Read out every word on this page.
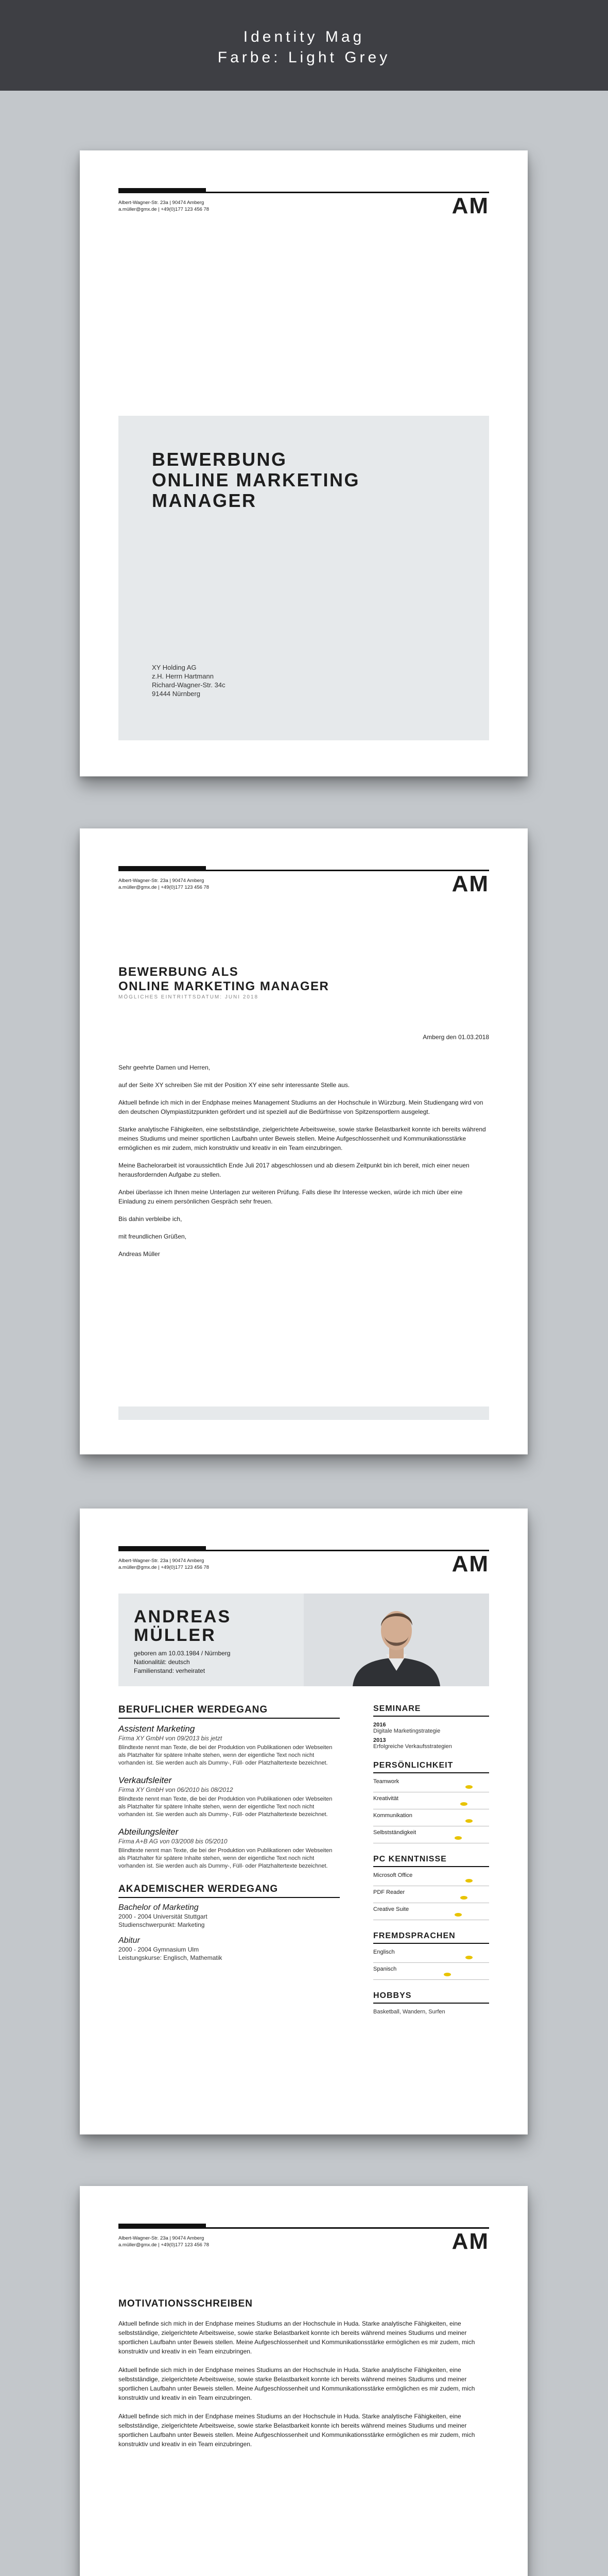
Identity Mag
Farbe: Light Grey
Albert-Wagner-Str. 23a | 90474 Amberg
a.müller@gmx.de | +49(0)177 123 456 78	AM
BEWERBUNG
ONLINE MARKETING
MANAGER
XY Holding AG
z.H. Herrn Hartmann
Richard-Wagner-Str. 34c
91444 Nürnberg
Albert-Wagner-Str. 23a | 90474 Amberg
a.müller@gmx.de | +49(0)177 123 456 78	AM
BEWERBUNG ALS
ONLINE MARKETING MANAGER
MÖGLICHES EINTRITTSDATUM: JUNI 2018
Amberg den 01.03.2018

Sehr geehrte Damen und Herren,

auf der Seite XY schreiben Sie mit der Position XY eine sehr interessante Stelle aus.

Aktuell befinde ich mich in der Endphase meines Management Studiums an der Hochschule in Würzburg. Mein Studiengang wird von den deutschen Olympiastützpunkten gefördert und ist speziell auf die Bedürfnisse von Spitzensportlern ausgelegt.

Starke analytische Fähigkeiten, eine selbstständige, zielgerichtete Arbeitsweise, sowie starke Belastbarkeit konnte ich bereits während meines Studiums und meiner sportlichen Laufbahn unter Beweis stellen. Meine Aufgeschlossenheit und Kommunikationsstärke ermöglichen es mir zudem, mich konstruktiv und kreativ in ein Team einzubringen.

Meine Bachelorarbeit ist voraussichtlich Ende Juli 2017 abgeschlossen und ab diesem Zeitpunkt bin ich bereit, mich einer neuen herausfordernden Aufgabe zu stellen.

Anbei überlasse ich Ihnen meine Unterlagen zur weiteren Prüfung. Falls diese Ihr Interesse wecken, würde ich mich über eine Einladung zu einem persönlichen Gespräch sehr freuen.

Bis dahin verbleibe ich,

mit freundlichen Grüßen,

Andreas Müller

Albert-Wagner-Str. 23a | 90474 Amberg
a.müller@gmx.de | +49(0)177 123 456 78	AM
ANDREAS
MÜLLER
geboren am 10.03.1984 / Nürnberg
Nationalität: deutsch
Familienstand: verheiratet
BERUFLICHER WERDEGANG
Assistent Marketing
Firma XY GmbH von 09/2013 bis jetzt
Blindtexte nennt man Texte, die bei der Produktion von Publikationen oder Webseiten als Platzhalter für spätere Inhalte stehen, wenn der eigentliche Text noch nicht vorhanden ist. Sie werden auch als Dummy-, Füll- oder Platzhaltertexte bezeichnet.
Verkaufsleiter
Firma XY GmbH von 06/2010 bis 08/2012
Blindtexte nennt man Texte, die bei der Produktion von Publikationen oder Webseiten als Platzhalter für spätere Inhalte stehen, wenn der eigentliche Text noch nicht vorhanden ist. Sie werden auch als Dummy-, Füll- oder Platzhaltertexte bezeichnet.
Abteilungsleiter
Firma A+B AG von 03/2008 bis 05/2010
Blindtexte nennt man Texte, die bei der Produktion von Publikationen oder Webseiten als Platzhalter für spätere Inhalte stehen, wenn der eigentliche Text noch nicht vorhanden ist. Sie werden auch als Dummy-, Füll- oder Platzhaltertexte bezeichnet.
AKADEMISCHER WERDEGANG
Bachelor of Marketing
2000 - 2004 Universität Stuttgart
Studienschwerpunkt: Marketing
Abitur
2000 - 2004 Gymnasium Ulm
Leistungskurse: Englisch, Mathematik
SEMINARE
2016
Digitale Marketingstrategie
2013
Erfolgreiche Verkaufsstrategien
PERSÖNLICHKEIT
Teamwork
Kreativität
Kommunikation
Selbstständigkeit
PC KENNTNISSE
Microsoft Office
PDF Reader
Creative Suite
FREMDSPRACHEN
Englisch
Spanisch
HOBBYS
Basketball, Wandern, Surfen
Albert-Wagner-Str. 23a | 90474 Amberg
a.müller@gmx.de | +49(0)177 123 456 78	AM
MOTIVATIONSSCHREIBEN

Aktuell befinde sich mich in der Endphase meines Studiums an der Hochschule in Huda. Starke analytische Fähigkeiten, eine selbstständige, zielgerichtete Arbeitsweise, sowie starke Belastbarkeit konnte ich bereits während meines Studiums und meiner sportlichen Laufbahn unter Beweis stellen. Meine Aufgeschlossenheit und Kommunikationsstärke ermöglichen es mir zudem, mich konstruktiv und kreativ in ein Team einzubringen.

Aktuell befinde sich mich in der Endphase meines Studiums an der Hochschule in Huda. Starke analytische Fähigkeiten, eine selbstständige, zielgerichtete Arbeitsweise, sowie starke Belastbarkeit konnte ich bereits während meines Studiums und meiner sportlichen Laufbahn unter Beweis stellen. Meine Aufgeschlossenheit und Kommunikationsstärke ermöglichen es mir zudem, mich konstruktiv und kreativ in ein Team einzubringen.

Aktuell befinde sich mich in der Endphase meines Studiums an der Hochschule in Huda. Starke analytische Fähigkeiten, eine selbstständige, zielgerichtete Arbeitsweise, sowie starke Belastbarkeit konnte ich bereits während meines Studiums und meiner sportlichen Laufbahn unter Beweis stellen. Meine Aufgeschlossenheit und Kommunikationsstärke ermöglichen es mir zudem, mich konstruktiv und kreativ in ein Team einzubringen.
